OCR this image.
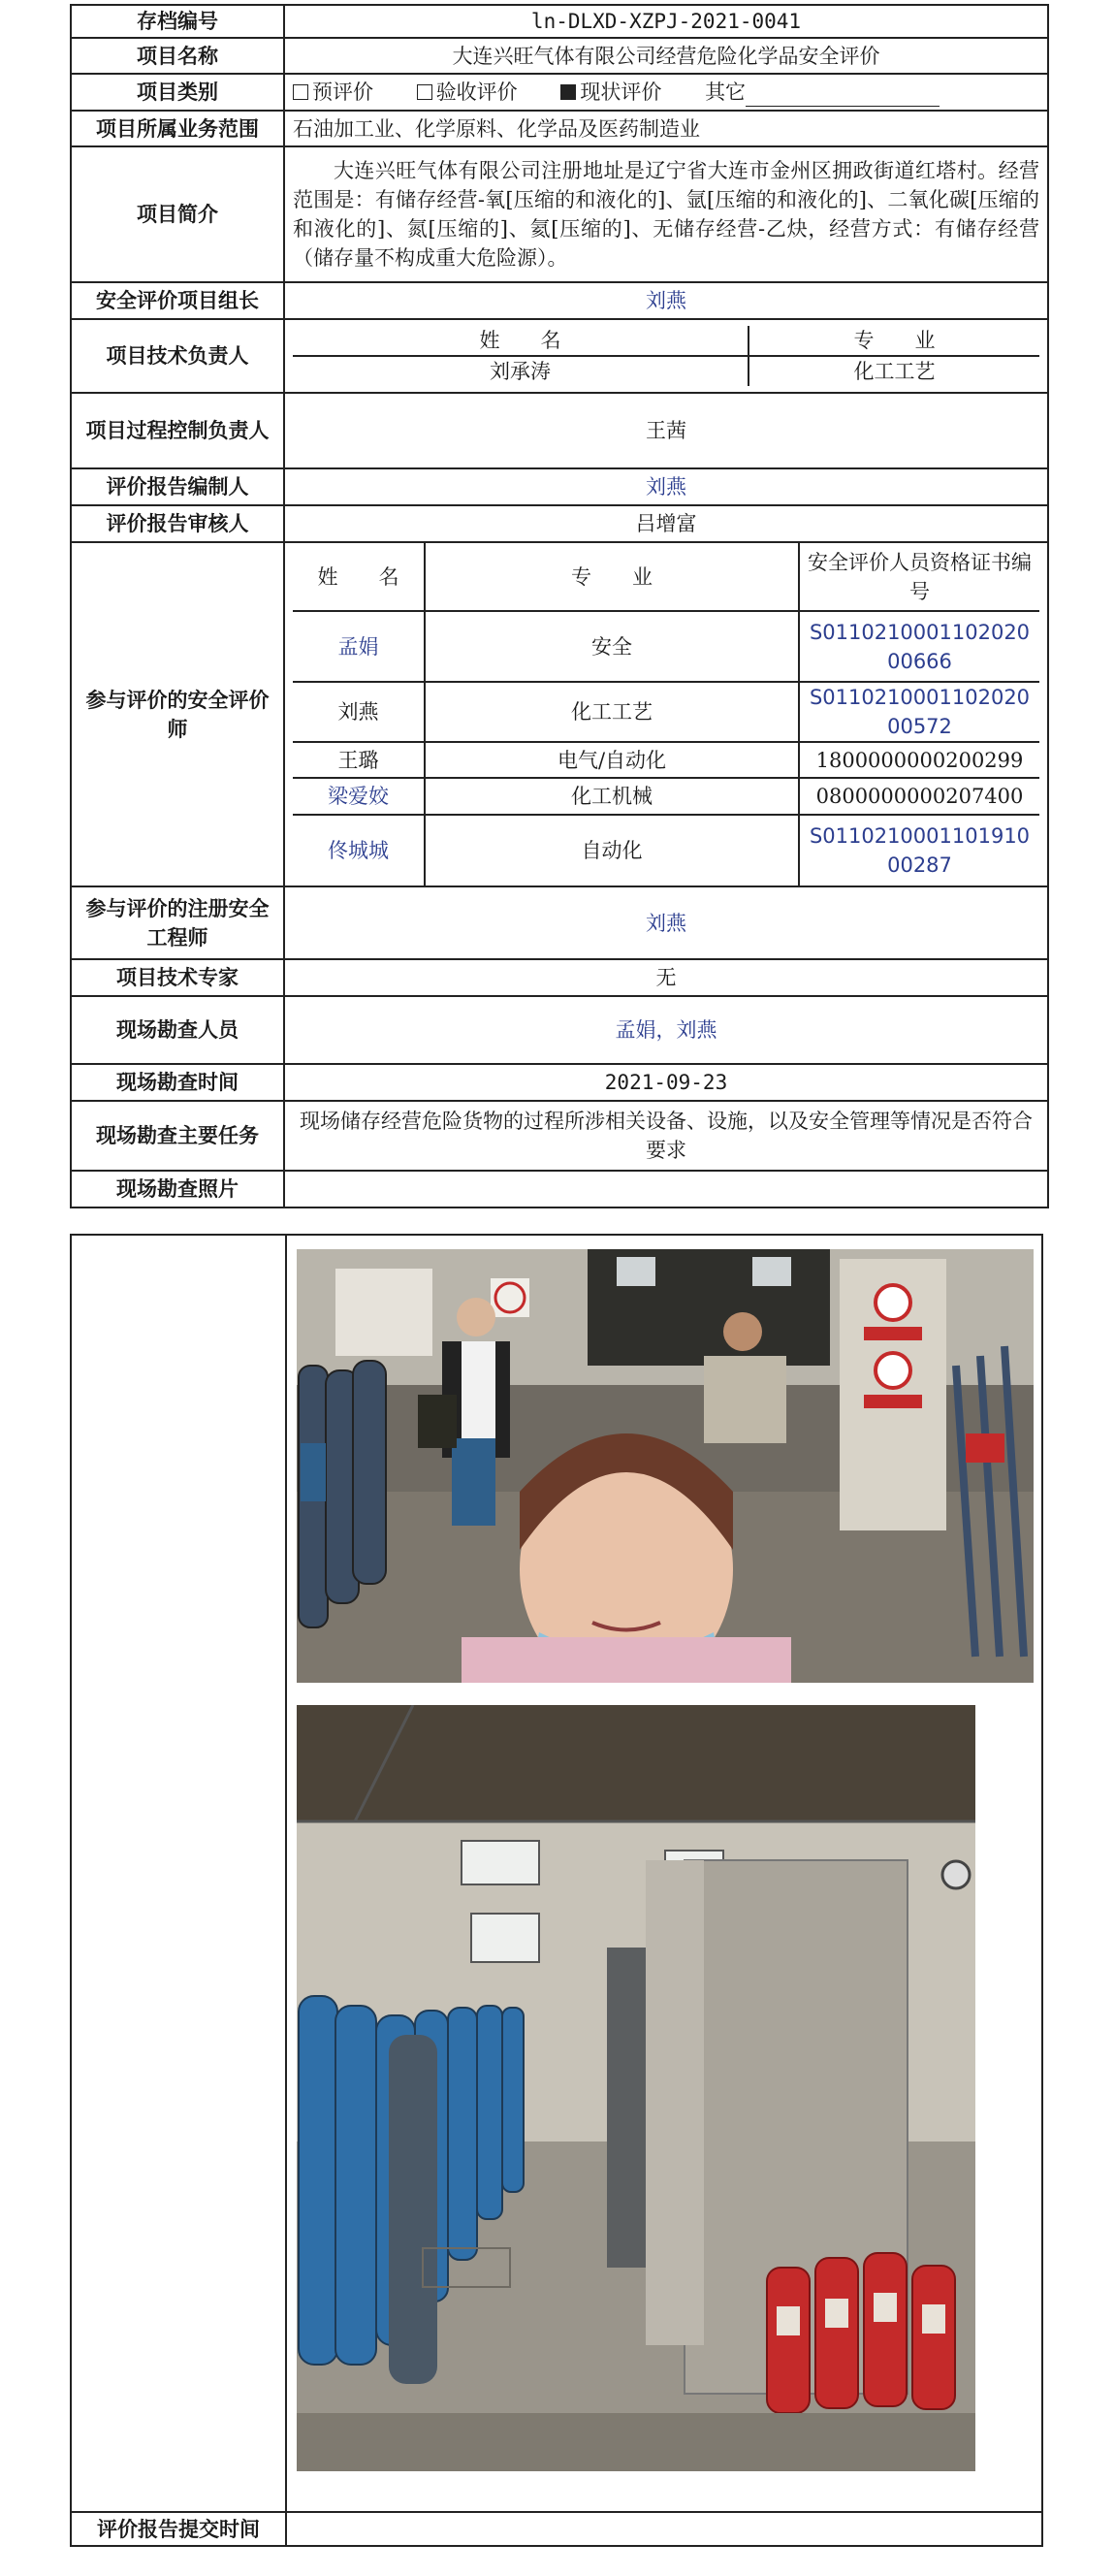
存档编号	ln-DLXD-XZPJ-2021-0041
项目名称	大连兴旺气体有限公司经营危险化学品安全评价
项目类别	预评价	验收评价	现状评价 其它
项目所属业务范围	石油加工业、化学原料、化学品及医药制造业
项目简介	大连兴旺气体有限公司注册地址是辽宁省大连市金州区拥政街道红塔村。经营范围是：有储存经营-氧[压缩的和液化的]、氩[压缩的和液化的]、二氧化碳[压缩的和液化的]、氮[压缩的]、氦[压缩的]、无储存经营-乙炔，经营方式：有储存经营（储存量不构成重大危险源）。
安全评价项目组长	刘燕
项目技术负责人	
姓　　名	专　　业
刘承涛	化工工艺

项目过程控制负责人	王茜
评价报告编制人	刘燕
评价报告审核人	吕增富
参与评价的安全评价师	
姓　　名	专　　业	安全评价人员资格证书编号
孟娟	安全	S011021000110202000666
刘燕	化工工艺	S011021000110202000572
王璐	电气/自动化	1800000000200299
梁爱姣	化工机械	0800000000207400
佟城城	自动化	S011021000110191000287

参与评价的注册安全工程师	刘燕
项目技术专家	无
现场勘查人员	孟娟，刘燕
现场勘查时间	2021-09-23
现场勘查主要任务	现场储存经营危险货物的过程所涉相关设备、设施，以及安全管理等情况是否符合要求
现场勘查照片	
评价报告提交时间
